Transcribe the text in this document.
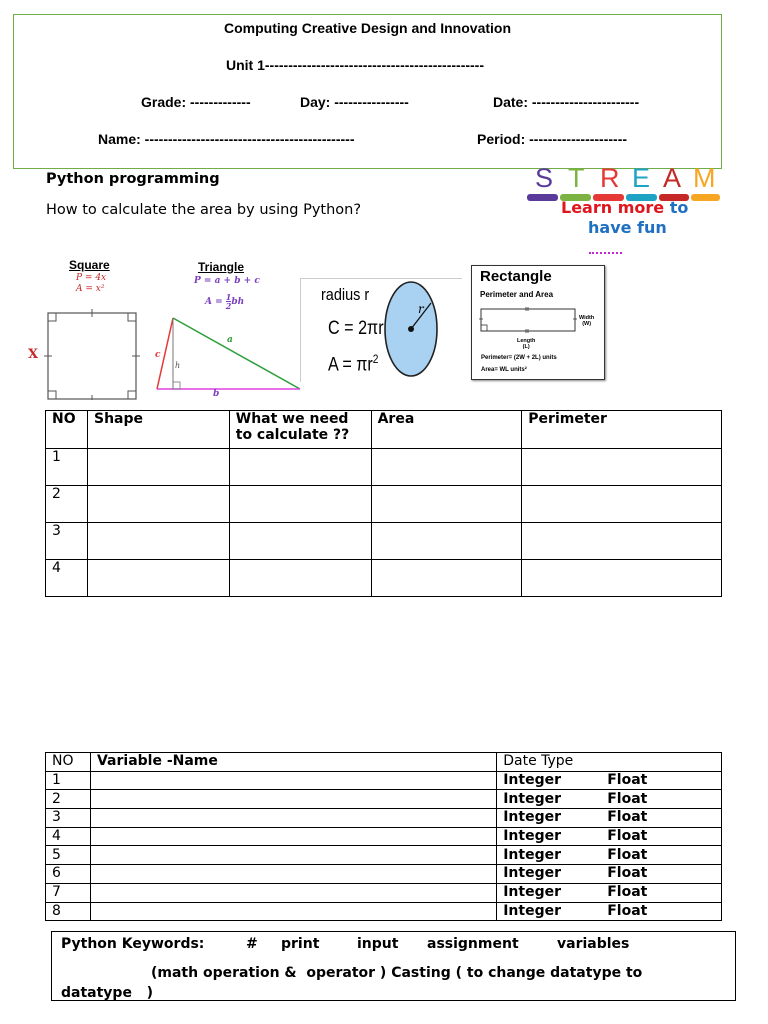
Computing Creative Design and Innovation
Unit 1-----------------------------------------------
Grade: -------------	Day: ----------------	Date: -----------------------
Name: ---------------------------------------------	Period: ---------------------
S T R E A M
Learn more to
have fun
Python programming
How to calculate the area by using Python?
Square
P = 4x
A = x²
X
Triangle
P = a + b + c
$A = \frac{1}{2}$ bh
a
b
c
h
radius r
C = 2πr
$A = \pi r^2$
r
Rectangle
Perimeter and Area
Width
(W)
Length
(L)
Perimeter= (2W + 2L) units
Area= WL units²
NO	Shape	What we need to calculate ??	Area	Perimeter
1				
2				
3				
4				
NO	Variable -Name	Date Type
1		Integer Float
2		Integer Float
3		Integer Float
4		Integer Float
5		Integer Float
6		Integer Float
7		Integer Float
8		Integer Float
Python Keywords:	# print	input assignment	variables
(math operation &  operator ) Casting ( to change datatype to
datatype   )
